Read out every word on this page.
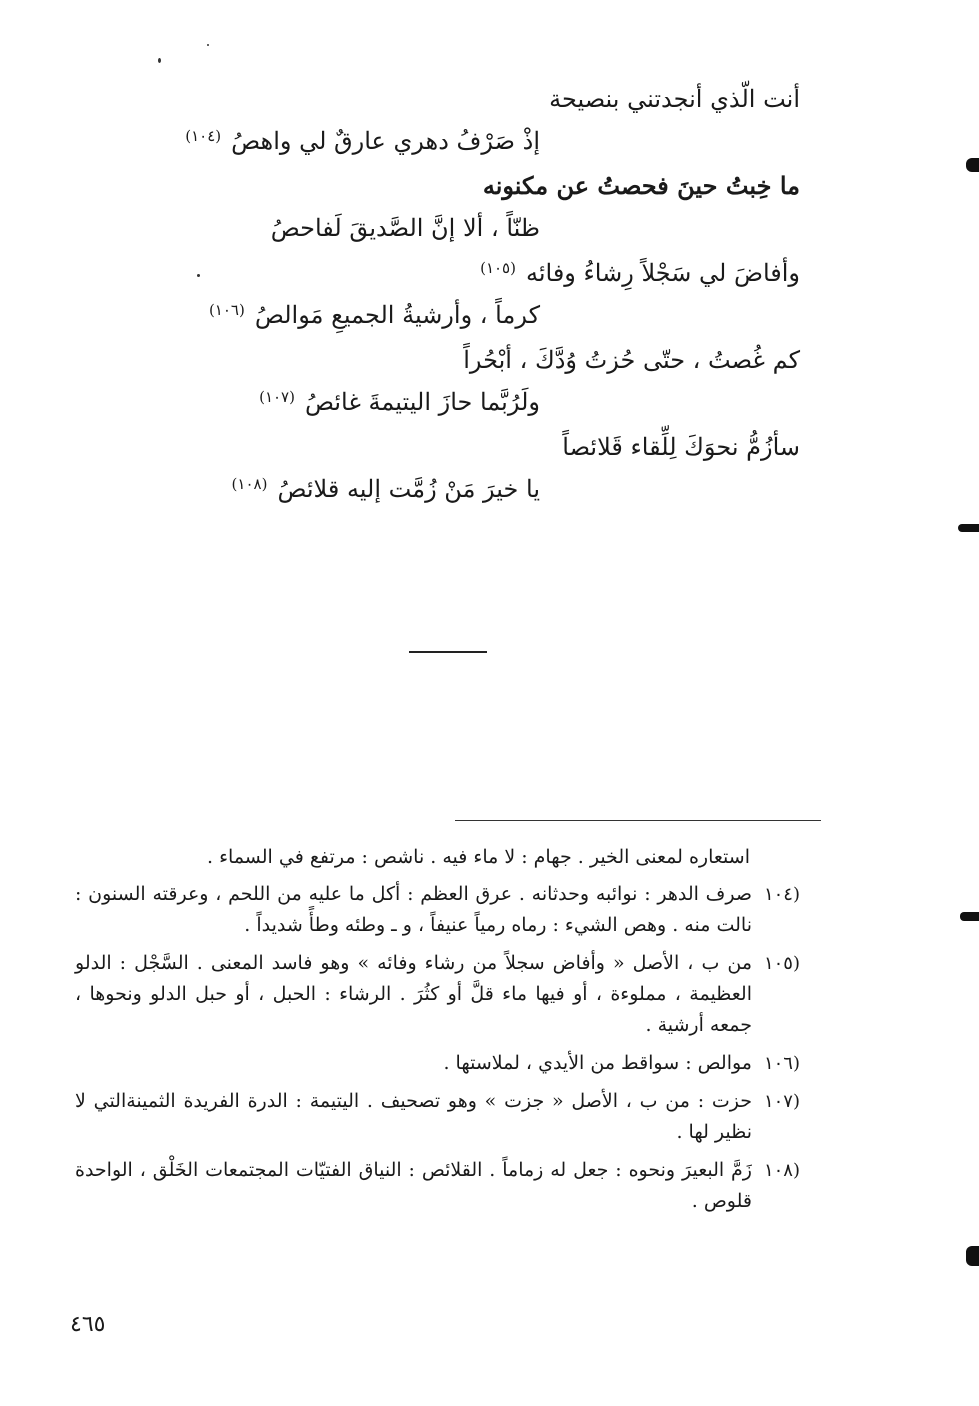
أنت الّذي أنجدتني بنصيحة
إذْ صَرْفُ دهري عارقٌ لي واهصُ$^{(١٠٤)}$
ما خِبتُ حينَ فحصتُ عن مكنونه
ظنّاً ، ألا إنَّ الصَّديقَ لَفاحصُ
وأفاضَ لي سَجْلاً رِشاءُ وفائه$^{(١٠٥)}$
كرماً ، وأرشيةُ الجميعِ مَوالصُ$^{(١٠٦)}$
كم غُصتُ ، حتّى حُزتُ وُدَّكَ ، أبْحُراً
ولَرُبَّما حازَ اليتيمةَ غائصُ$^{(١٠٧)}$
سأزُمُّ نحوَكَ لِلِّقاء قَلائصاً
يا خيرَ مَنْ زُمَّت إليه قلائصُ$^{(١٠٨)}$
استعاره لمعنى الخير . جهام : لا ماء فيه . ناشص : مرتفع في السماء .
(١٠٤
صرف الدهر : نوائبه وحدثانه . عرق العظم : أكل ما عليه من اللحم ، وعرقته السنون : نالت منه . وهص الشيء : رماه رمياً عنيفاً ، و ـ وطئه وطأً شديداً .
(١٠٥
من ب ، الأصل « وأفاض سجلاً من رشاء وفائه » وهو فاسد المعنى . السَّجْل : الدلو العظيمة ، مملوءة ، أو فيها ماء قلَّ أو كثُرَ . الرشاء : الحبل ، أو حبل الدلو ونحوها ، جمعه أرشية .
(١٠٦
موالص : سواقط من الأيدي ، لملاستها .
(١٠٧
حزت : من ب ، الأصل « جزت » وهو تصحيف . اليتيمة : الدرة الفريدة الثمينةالتي لا نظير لها .
(١٠٨
زَمَّ البعيرَ ونحوه : جعل له زماماً . القلائص : النياق الفتيّات المجتمعات الخَلْق ، الواحدة قلوص .
٤٦٥
